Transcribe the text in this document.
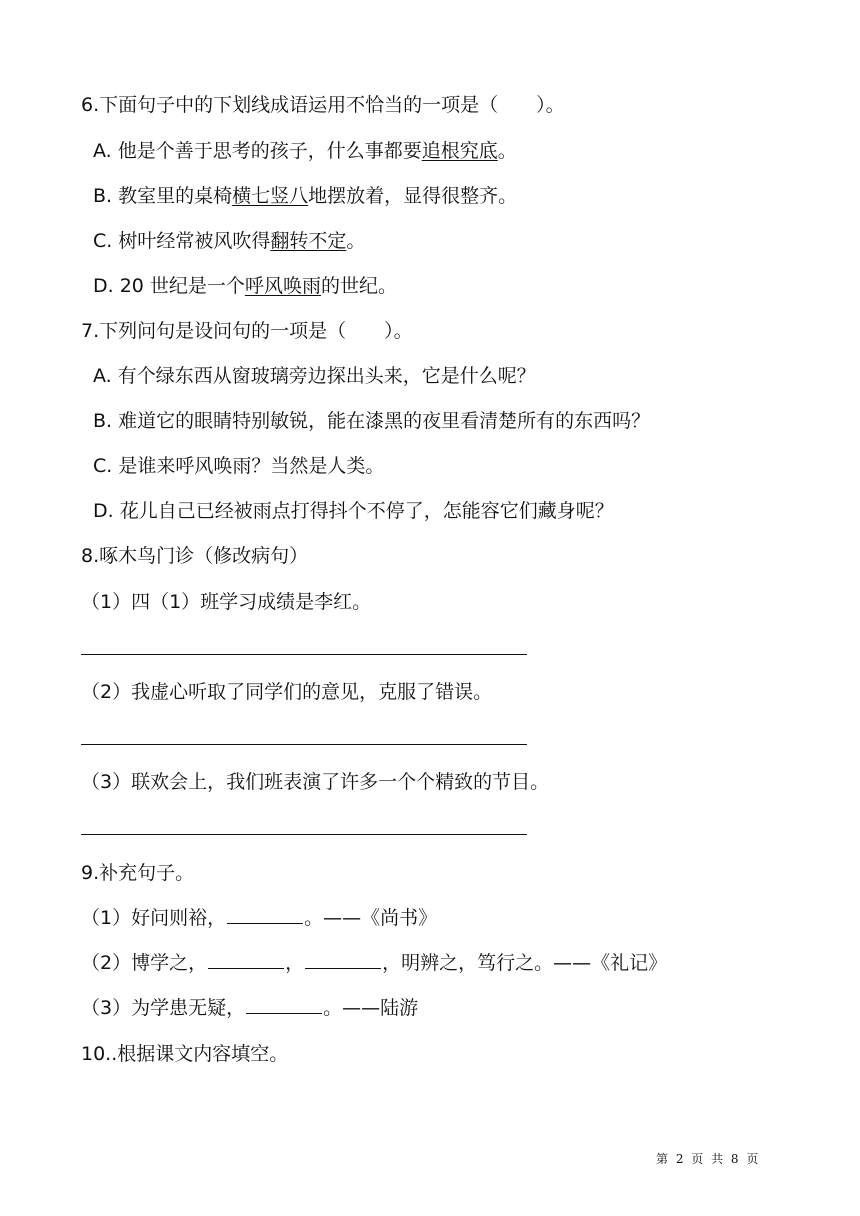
6.下面句子中的下划线成语运用不恰当的一项是（　　）。
A. 他是个善于思考的孩子，什么事都要追根究底。
B. 教室里的桌椅横七竖八地摆放着，显得很整齐。
C. 树叶经常被风吹得翻转不定。
D. 20 世纪是一个呼风唤雨的世纪。
7.下列问句是设问句的一项是（　　）。
A. 有个绿东西从窗玻璃旁边探出头来，它是什么呢？
B. 难道它的眼睛特别敏锐，能在漆黑的夜里看清楚所有的东西吗？
C. 是谁来呼风唤雨？当然是人类。
D. 花儿自己已经被雨点打得抖个不停了，怎能容它们藏身呢？
8.啄木鸟门诊（修改病句）
（1）四（1）班学习成绩是李红。
（2）我虚心听取了同学们的意见，克服了错误。
（3）联欢会上，我们班表演了许多一个个精致的节目。
9.补充句子。
（1）好问则裕，	。——《尚书》
（2）博学之，	，	，明辨之，笃行之。——《礼记》
（3）为学患无疑，	。——陆游
10..根据课文内容填空。
第 2 页 共 8 页
